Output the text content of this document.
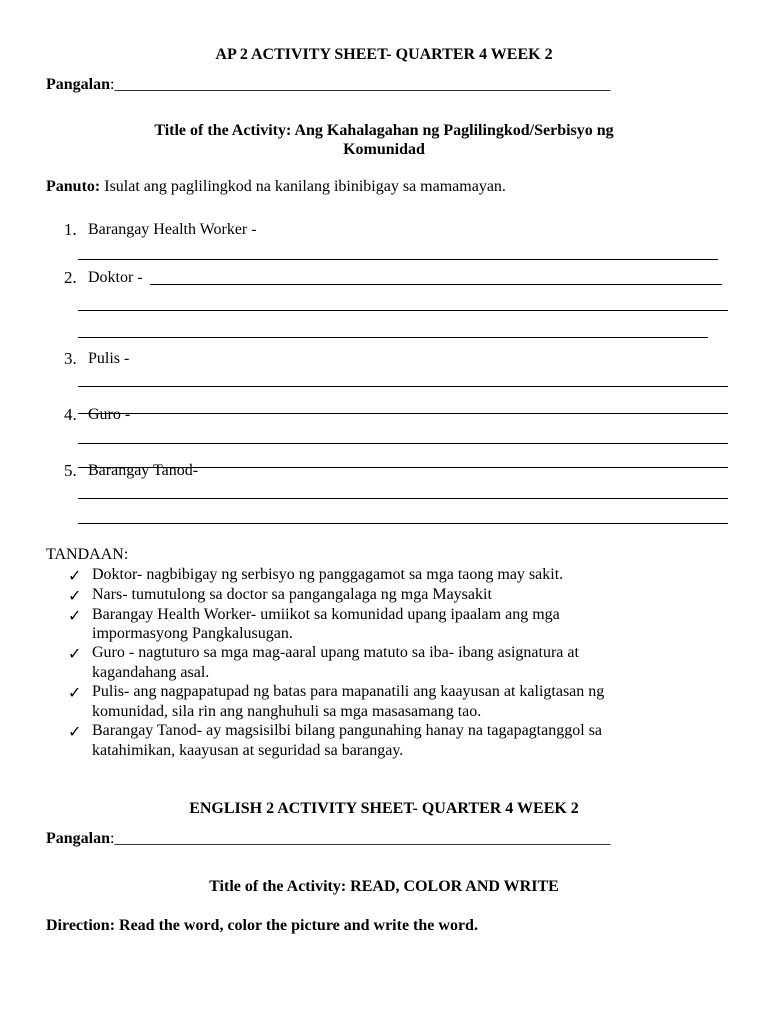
AP 2 ACTIVITY SHEET- QUARTER 4 WEEK 2
Pangalan:______________________________________________________________
Title of the Activity: Ang Kahalagahan ng Paglilingkod/Serbisyo ng
Komunidad
Panuto: Isulat ang paglilingkod na kanilang ibinibigay sa mamamayan.
1. Barangay Health Worker -
2. Doktor -
3. Pulis -
4. Guro -
5. Barangay Tanod-
TANDAAN:
✓ Doktor- nagbibigay ng serbisyo ng panggagamot sa mga taong may sakit.
✓ Nars- tumutulong sa doctor sa pangangalaga ng mga Maysakit
✓ Barangay Health Worker- umiikot sa komunidad upang ipaalam ang mga
impormasyong Pangkalusugan.
✓ Guro - nagtuturo sa mga mag-aaral upang matuto sa iba- ibang asignatura at
kagandahang asal.
✓ Pulis- ang nagpapatupad ng batas para mapanatili ang kaayusan at kaligtasan ng
komunidad, sila rin ang nanghuhuli sa mga masasamang tao.
✓ Barangay Tanod- ay magsisilbi bilang pangunahing hanay na tagapagtanggol sa
katahimikan, kaayusan at seguridad sa barangay.
ENGLISH 2 ACTIVITY SHEET- QUARTER 4 WEEK 2
Pangalan:______________________________________________________________
Title of the Activity: READ, COLOR AND WRITE
Direction: Read the word, color the picture and write the word.
